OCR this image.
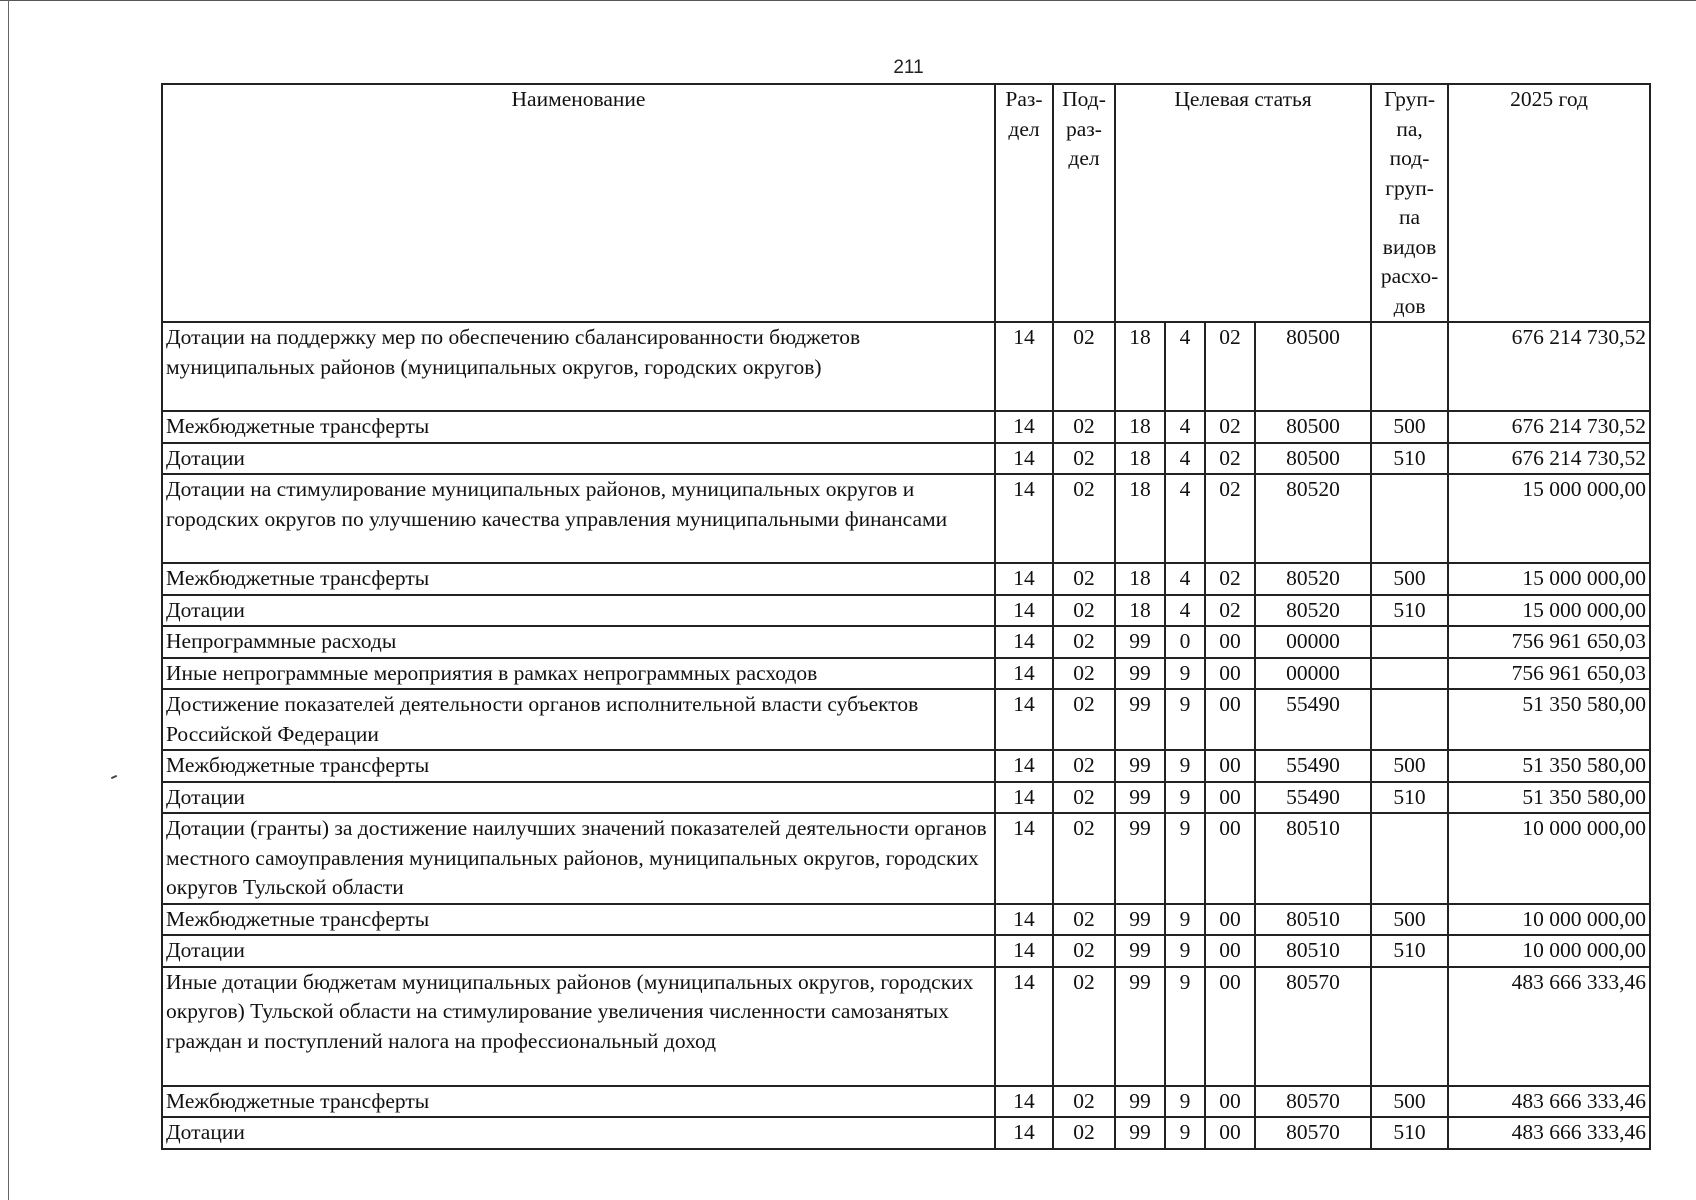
211
Наименование	Раз-дел	Под-раз-дел	Целевая статья				Груп-па, под-груп-па видов расхо-дов	2025 год
Дотации на поддержку мер по обеспечению сбалансированности бюджетов муниципальных районов (муниципальных округов, городских округов)	14	02	18	4	02	80500		676 214 730,52
Межбюджетные трансферты	14	02	18	4	02	80500	500	676 214 730,52
Дотации	14	02	18	4	02	80500	510	676 214 730,52
Дотации на стимулирование муниципальных районов, муниципальных округов и городских округов по улучшению качества управления муниципальными финансами	14	02	18	4	02	80520		15 000 000,00
Межбюджетные трансферты	14	02	18	4	02	80520	500	15 000 000,00
Дотации	14	02	18	4	02	80520	510	15 000 000,00
Непрограммные расходы	14	02	99	0	00	00000		756 961 650,03
Иные непрограммные мероприятия в рамках непрограммных расходов	14	02	99	9	00	00000		756 961 650,03
Достижение показателей деятельности органов исполнительной власти субъектов Российской Федерации	14	02	99	9	00	55490		51 350 580,00
Межбюджетные трансферты	14	02	99	9	00	55490	500	51 350 580,00
Дотации	14	02	99	9	00	55490	510	51 350 580,00
Дотации (гранты) за достижение наилучших значений показателей деятельности органов местного самоуправления муниципальных районов, муниципальных округов, городских округов Тульской области	14	02	99	9	00	80510		10 000 000,00
Межбюджетные трансферты	14	02	99	9	00	80510	500	10 000 000,00
Дотации	14	02	99	9	00	80510	510	10 000 000,00
Иные дотации бюджетам муниципальных районов (муниципальных округов, городских округов) Тульской области на стимулирование увеличения численности самозанятых граждан и поступлений налога на профессиональный доход	14	02	99	9	00	80570		483 666 333,46
Межбюджетные трансферты	14	02	99	9	00	80570	500	483 666 333,46
Дотации	14	02	99	9	00	80570	510	483 666 333,46
